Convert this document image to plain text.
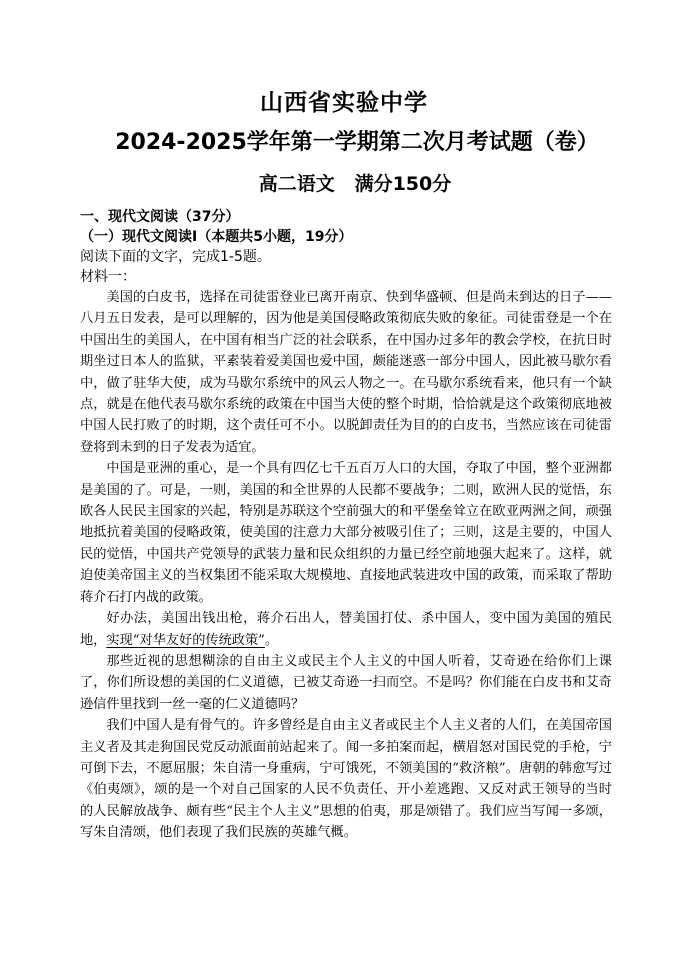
山西省实验中学
2024-2025学年第一学期第二次月考试题（卷）
高二语文   满分150分
一、现代文阅读（37分）
（一）现代文阅读Ⅰ（本题共5小题，19分）
阅读下面的文字，完成1-5题。
材料一：

美国的白皮书，选择在司徒雷登业已离开南京、快到华盛顿、但是尚未到达的日子——八月五日发表，是可以理解的，因为他是美国侵略政策彻底失败的象征。司徒雷登是一个在中国出生的美国人，在中国有相当广泛的社会联系，在中国办过多年的教会学校，在抗日时期坐过日本人的监狱，平素装着爱美国也爱中国，颇能迷惑一部分中国人，因此被马歇尔看中，做了驻华大使，成为马歇尔系统中的风云人物之一。在马歇尔系统看来，他只有一个缺点，就是在他代表马歇尔系统的政策在中国当大使的整个时期，恰恰就是这个政策彻底地被中国人民打败了的时期，这个责任可不小。以脱卸责任为目的的白皮书，当然应该在司徒雷登将到未到的日子发表为适宜。

中国是亚洲的重心，是一个具有四亿七千五百万人口的大国，夺取了中国，整个亚洲都是美国的了。可是，一则，美国的和全世界的人民都不要战争；二则，欧洲人民的觉悟，东欧各人民民主国家的兴起，特别是苏联这个空前强大的和平堡垒耸立在欧亚两洲之间，顽强地抵抗着美国的侵略政策，使美国的注意力大部分被吸引住了；三则，这是主要的，中国人民的觉悟，中国共产党领导的武装力量和民众组织的力量已经空前地强大起来了。这样，就迫使美帝国主义的当权集团不能采取大规模地、直接地武装进攻中国的政策，而采取了帮助蒋介石打内战的政策。

好办法，美国出钱出枪，蒋介石出人，替美国打仗、杀中国人，变中国为美国的殖民地，实现“对华友好的传统政策”。

那些近视的思想糊涂的自由主义或民主个人主义的中国人听着，艾奇逊在给你们上课了，你们所设想的美国的仁义道德，已被艾奇逊一扫而空。不是吗？你们能在白皮书和艾奇逊信件里找到一丝一毫的仁义道德吗？

我们中国人是有骨气的。许多曾经是自由主义者或民主个人主义者的人们，在美国帝国主义者及其走狗国民党反动派面前站起来了。闻一多拍案而起，横眉怒对国民党的手枪，宁可倒下去，不愿屈服；朱自清一身重病，宁可饿死，不领美国的“救济粮”。唐朝的韩愈写过《伯夷颂》，颂的是一个对自己国家的人民不负责任、开小差逃跑、又反对武王领导的当时的人民解放战争、颇有些“民主个人主义”思想的伯夷，那是颂错了。我们应当写闻一多颂，写朱自清颂，他们表现了我们民族的英雄气概。
